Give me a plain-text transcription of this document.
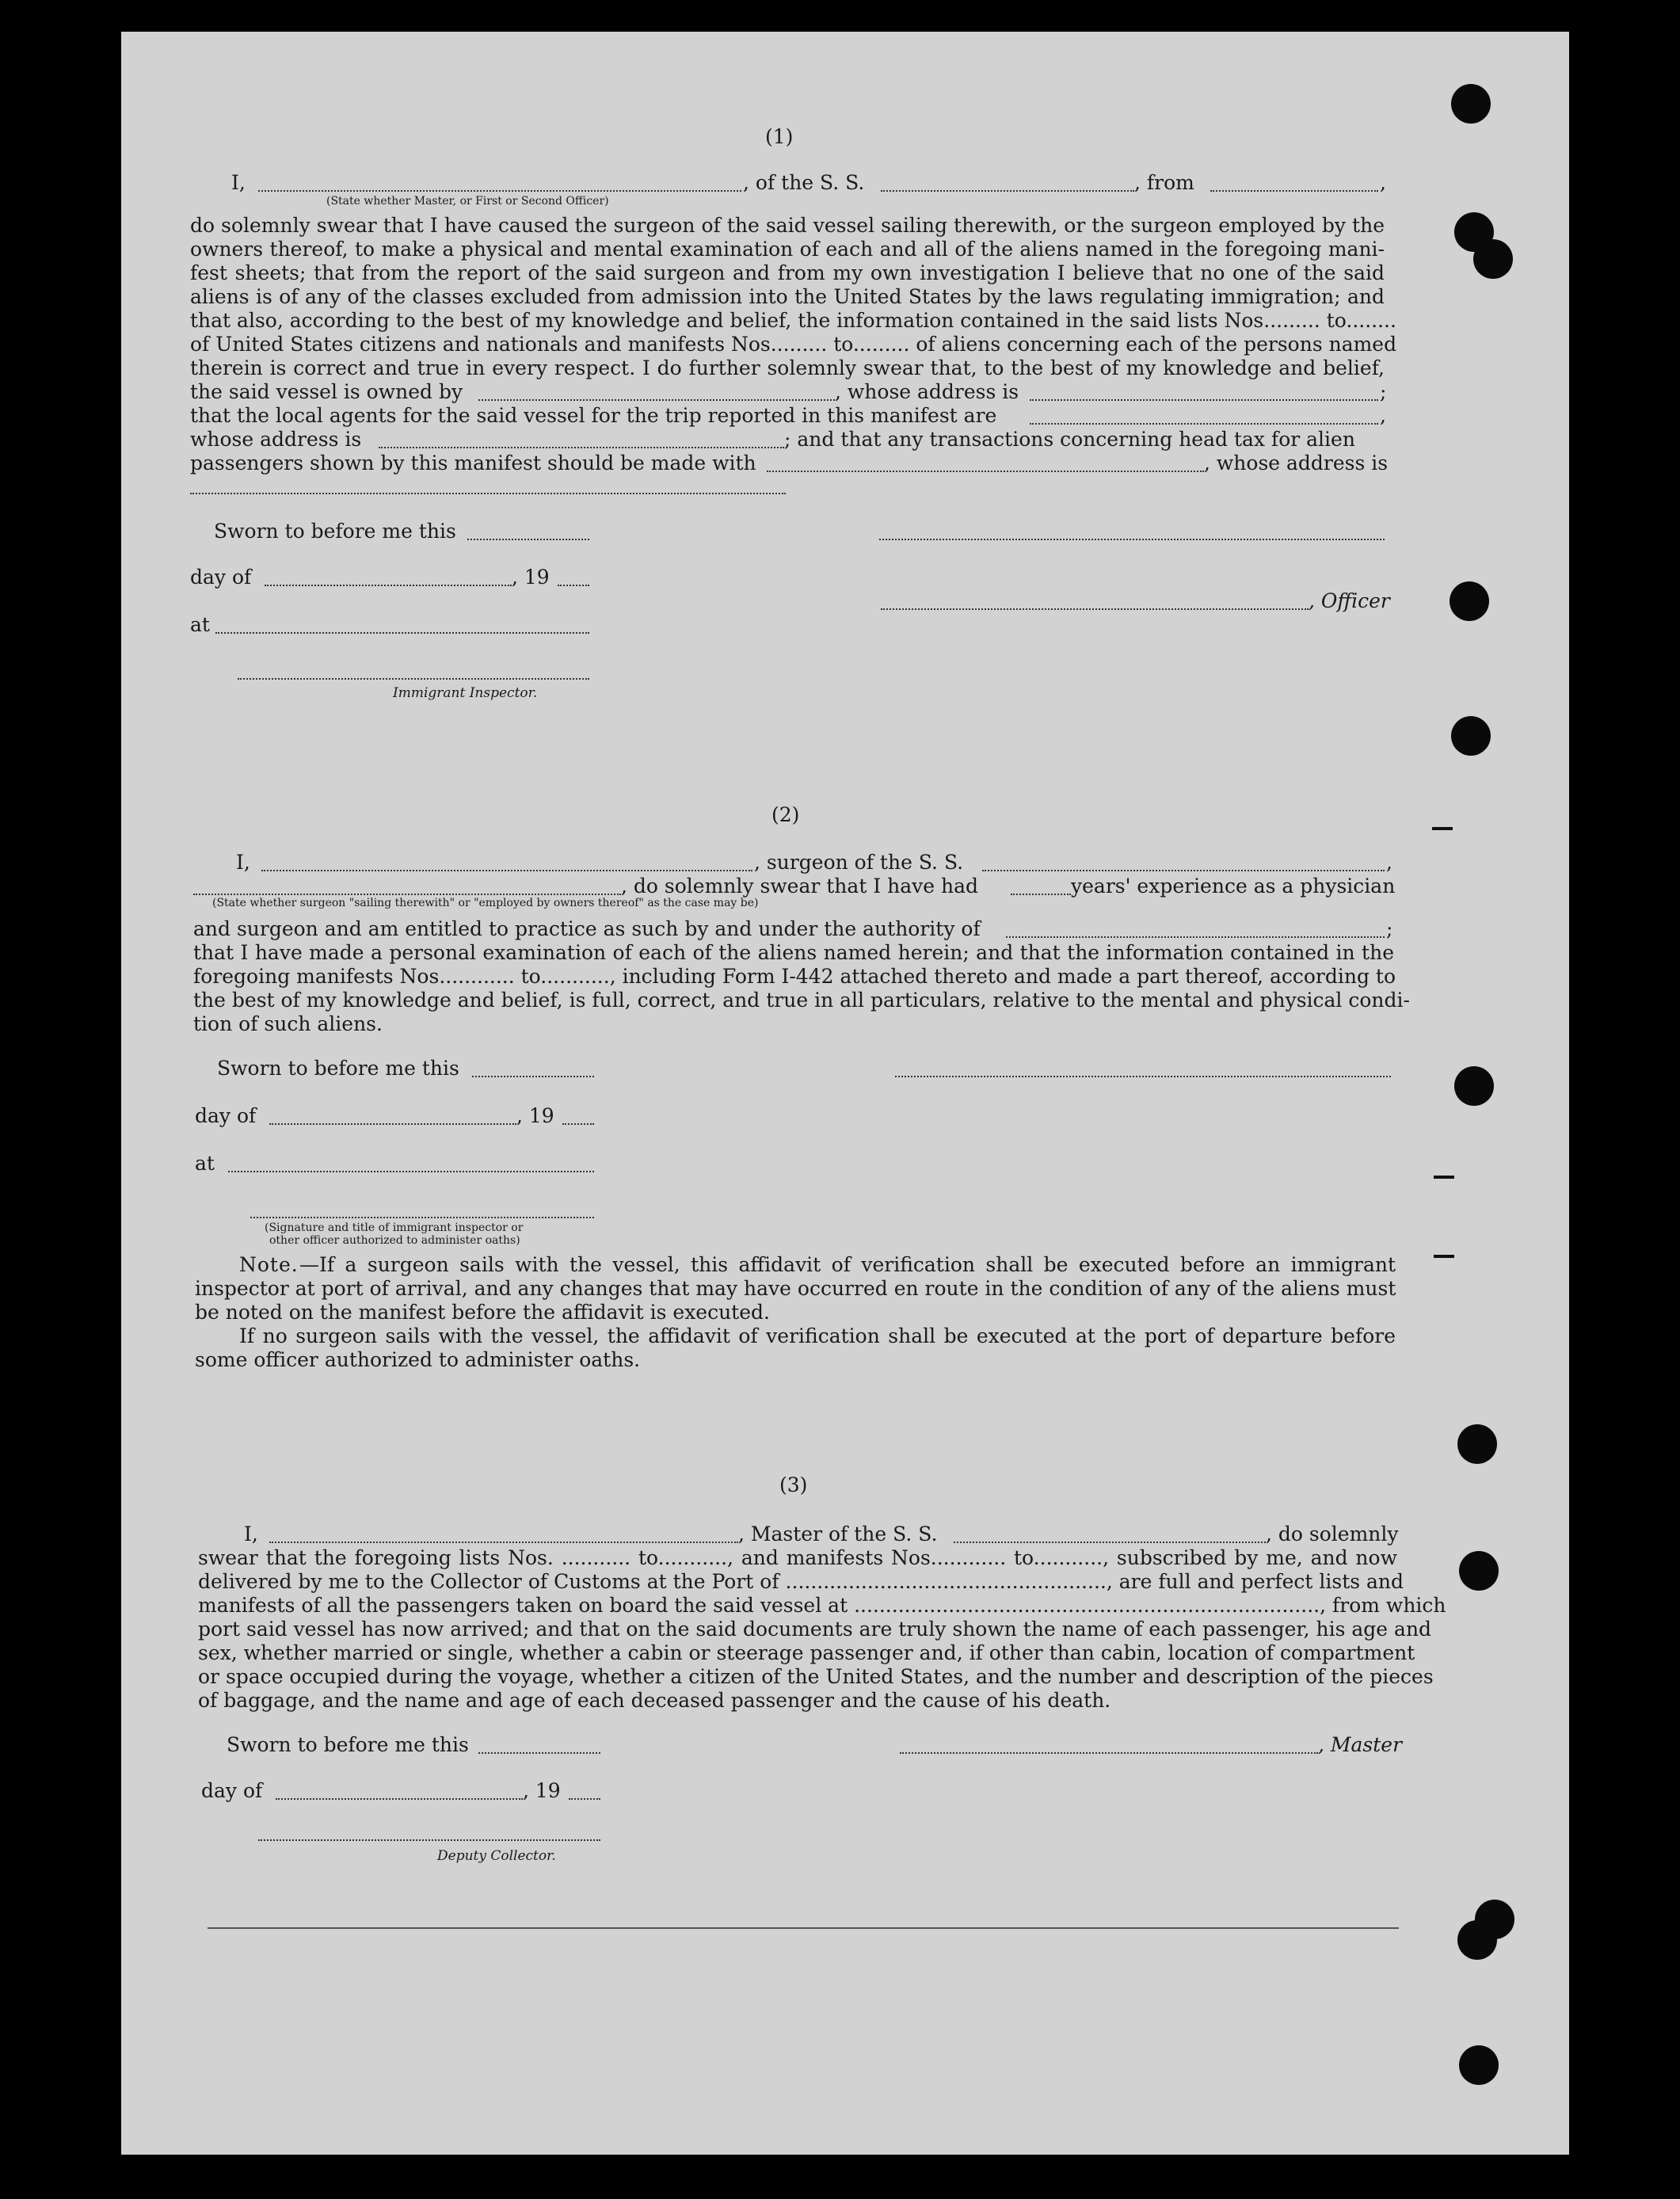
(1)
I,	, of the S. S.	, from	,
(State whether Master, or First or Second Officer)
do solemnly swear that I have caused the surgeon of the said vessel sailing therewith, or the surgeon employed by the
owners thereof, to make a physical and mental examination of each and all of the aliens named in the foregoing mani-
fest sheets; that from the report of the said surgeon and from my own investigation I believe that no one of the said
aliens is of any of the classes excluded from admission into the United States by the laws regulating immigration; and
that also, according to the best of my knowledge and belief, the information contained in the said lists Nos......... to........
of United States citizens and nationals and manifests Nos......... to......... of aliens concerning each of the persons named
therein is correct and true in every respect. I do further solemnly swear that, to the best of my knowledge and belief,
the said vessel is owned by	, whose address is	;
that the local agents for the said vessel for the trip reported in this manifest are	,
whose address is	; and that any transactions concerning head tax for alien
passengers shown by this manifest should be made with	, whose address is
Sworn to before me this
day of	, 19
, Officer
at
Immigrant Inspector.
(2)
I,	, surgeon of the S. S.	,
, do solemnly swear that I have had	years' experience as a physician
(State whether surgeon "sailing therewith" or "employed by owners thereof" as the case may be)
and surgeon and am entitled to practice as such by and under the authority of	;
that I have made a personal examination of each of the aliens named herein; and that the information contained in the
foregoing manifests Nos............ to..........., including Form I-442 attached thereto and made a part thereof, according to
the best of my knowledge and belief, is full, correct, and true in all particulars, relative to the mental and physical condi-
tion of such aliens.
Sworn to before me this
day of	, 19
at
(Signature and title of immigrant inspector or
other officer authorized to administer oaths)
Note. —If a surgeon sails with the vessel, this affidavit of verification shall be executed before an immigrant
inspector at port of arrival, and any changes that may have occurred en route in the condition of any of the aliens must
be noted on the manifest before the affidavit is executed.
If no surgeon sails with the vessel, the affidavit of verification shall be executed at the port of departure before
some officer authorized to administer oaths.
(3)
I,	, Master of the S. S.	, do solemnly
swear that the foregoing lists Nos. ........... to..........., and manifests Nos............ to..........., subscribed by me, and now
delivered by me to the Collector of Customs at the Port of ..................................................., are full and perfect lists and
manifests of all the passengers taken on board the said vessel at .........................................................................., from which
port said vessel has now arrived; and that on the said documents are truly shown the name of each passenger, his age and
sex, whether married or single, whether a cabin or steerage passenger and, if other than cabin, location of compartment
or space occupied during the voyage, whether a citizen of the United States, and the number and description of the pieces
of baggage, and the name and age of each deceased passenger and the cause of his death.
Sworn to before me this	, Master
day of	, 19
Deputy Collector.
